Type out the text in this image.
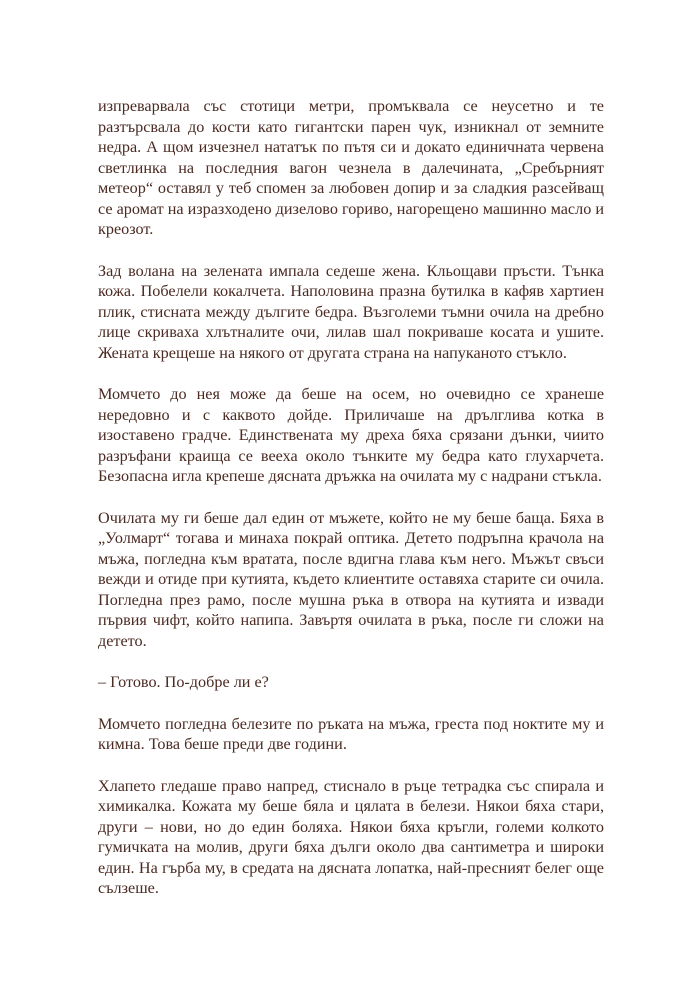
изпреварвала със стотици метри, промъквала се неусетно и те разтърсвала до кости като гигантски парен чук, изникнал от земните недра. А щом изчезнел нататък по пътя си и докато единичната червена светлинка на последния вагон чезнела в далечината, „Сребърният метеор“ оставял у теб спомен за любовен допир и за сладкия разсейващ се аромат на изразходено дизелово гориво, нагорещено машинно масло и креозот.

Зад волана на зелената импала седеше жена. Кльощави пръсти. Тънка кожа. Побелели кокалчета. Наполовина празна бутилка в кафяв хартиен плик, стисната между дългите бедра. Възголеми тъмни очила на дребно лице скриваха хлътналите очи, лилав шал покриваше косата и ушите. Жената крещеше на някого от другата страна на напуканото стъкло.

Момчето до нея може да беше на осем, но очевидно се хранеше нередовно и с каквото дойде. Приличаше на дрълглива котка в изоставено градче. Единствената му дреха бяха срязани дънки, чиито разръфани краища се вееха около тънките му бедра като глухарчета. Безопасна игла крепеше дясната дръжка на очилата му с надрани стъкла.

Очилата му ги беше дал един от мъжете, който не му беше баща. Бяха в „Уолмарт“ тогава и минаха покрай оптика. Детето подръпна крачола на мъжа, погледна към вратата, после вдигна глава към него. Мъжът свъси вежди и отиде при кутията, където клиентите оставяха старите си очила. Погледна през рамо, после мушна ръка в отвора на кутията и извади първия чифт, който напипа. Завъртя очилата в ръка, после ги сложи на детето.

– Готово. По-добре ли е?

Момчето погледна белезите по ръката на мъжа, греста под ноктите му и кимна. Това беше преди две години.

Хлапето гледаше право напред, стиснало в ръце тетрадка със спирала и химикалка. Кожата му беше бяла и цялата в белези. Някои бяха стари, други – нови, но до един боляха. Някои бяха кръгли, големи колкото гумичката на молив, други бяха дълги около два сантиметра и широки един. На гърба му, в средата на дясната лопатка, най-пресният белег още сълзеше.
